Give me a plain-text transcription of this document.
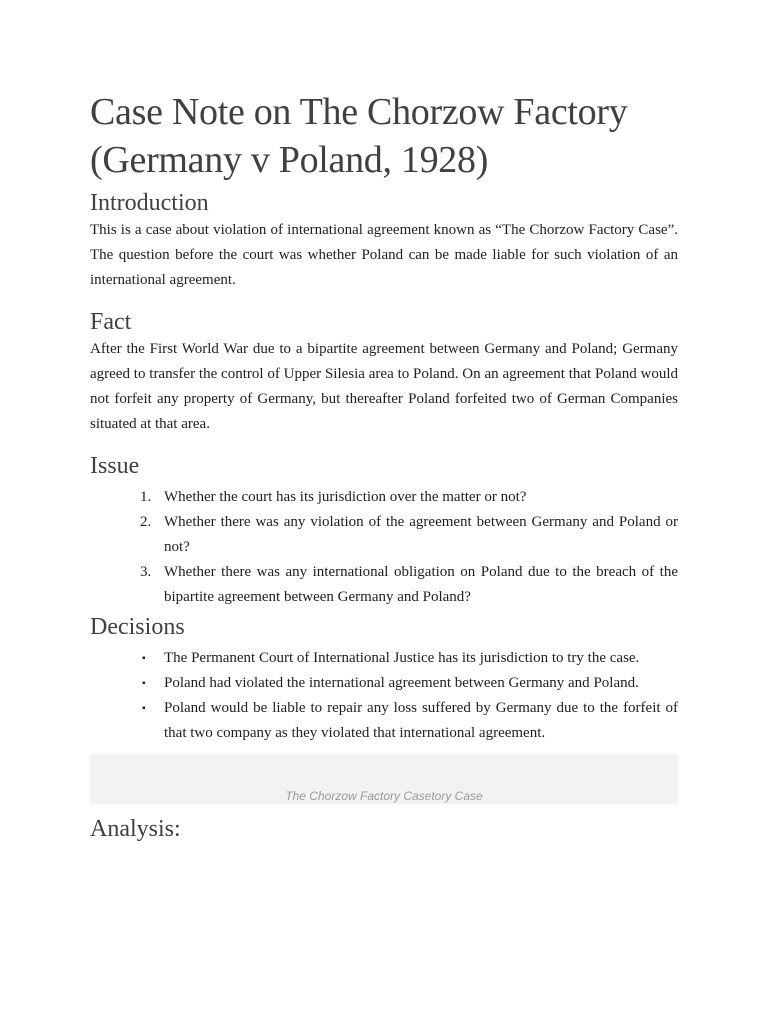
Case Note on The Chorzow Factory
(Germany v Poland, 1928)
Introduction

This is a case about violation of international agreement known as “The Chorzow Factory Case”. The question before the court was whether Poland can be made liable for such violation of an international agreement.

Fact

After the First World War due to a bipartite agreement between Germany and Poland; Germany agreed to transfer the control of Upper Silesia area to Poland. On an agreement that Poland would not forfeit any property of Germany, but thereafter Poland forfeited two of German Companies situated at that area.

Issue
1. Whether the court has its jurisdiction over the matter or not?
2. Whether there was any violation of the agreement between Germany and Poland or not?
3. Whether there was any international obligation on Poland due to the breach of the bipartite agreement between Germany and Poland?
Decisions
▪	The Permanent Court of International Justice has its jurisdiction to try the case.
▪	Poland had violated the international agreement between Germany and Poland.
▪	Poland would be liable to repair any loss suffered by Germany due to the forfeit of that two company as they violated that international agreement.
The Chorzow Factory Casetory Case
Analysis:
